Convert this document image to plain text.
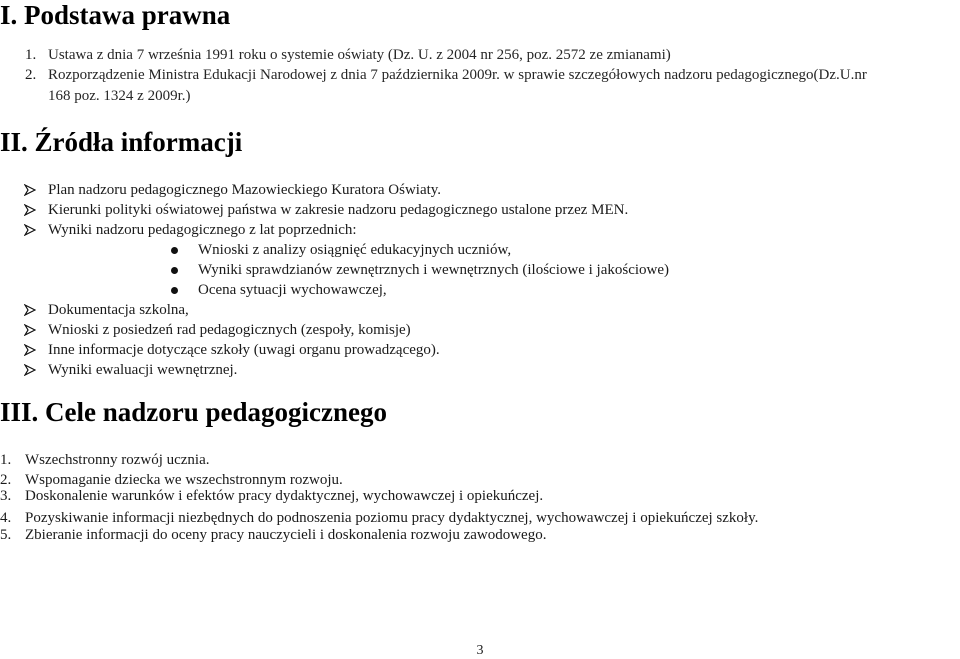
I. Podstawa prawna
1. Ustawa z dnia 7 września 1991 roku o systemie oświaty (Dz. U. z 2004 nr 256, poz. 2572 ze zmianami)
2. Rozporządzenie Ministra Edukacji Narodowej z dnia 7 października 2009r. w sprawie szczegółowych nadzoru pedagogicznego(Dz.U.nr
168 poz. 1324 z 2009r.)
II. Źródła informacji
Plan nadzoru pedagogicznego Mazowieckiego Kuratora Oświaty.
Kierunki polityki oświatowej państwa w zakresie nadzoru pedagogicznego ustalone przez MEN.
Wyniki nadzoru pedagogicznego z lat poprzednich:
Wnioski z analizy osiągnięć edukacyjnych uczniów,
Wyniki sprawdzianów zewnętrznych i wewnętrznych (ilościowe i jakościowe)
Ocena sytuacji wychowawczej,
Dokumentacja szkolna,
Wnioski z posiedzeń rad pedagogicznych (zespoły, komisje)
Inne informacje dotyczące szkoły (uwagi organu prowadzącego).
Wyniki ewaluacji wewnętrznej.
III. Cele nadzoru pedagogicznego
1. Wszechstronny rozwój ucznia.
2. Wspomaganie dziecka we wszechstronnym rozwoju.
3. Doskonalenie warunków i efektów pracy dydaktycznej, wychowawczej i opiekuńczej.
4. Pozyskiwanie informacji niezbędnych do podnoszenia poziomu pracy dydaktycznej, wychowawczej i opiekuńczej szkoły.
5. Zbieranie informacji do oceny pracy nauczycieli i doskonalenia rozwoju zawodowego.
3
